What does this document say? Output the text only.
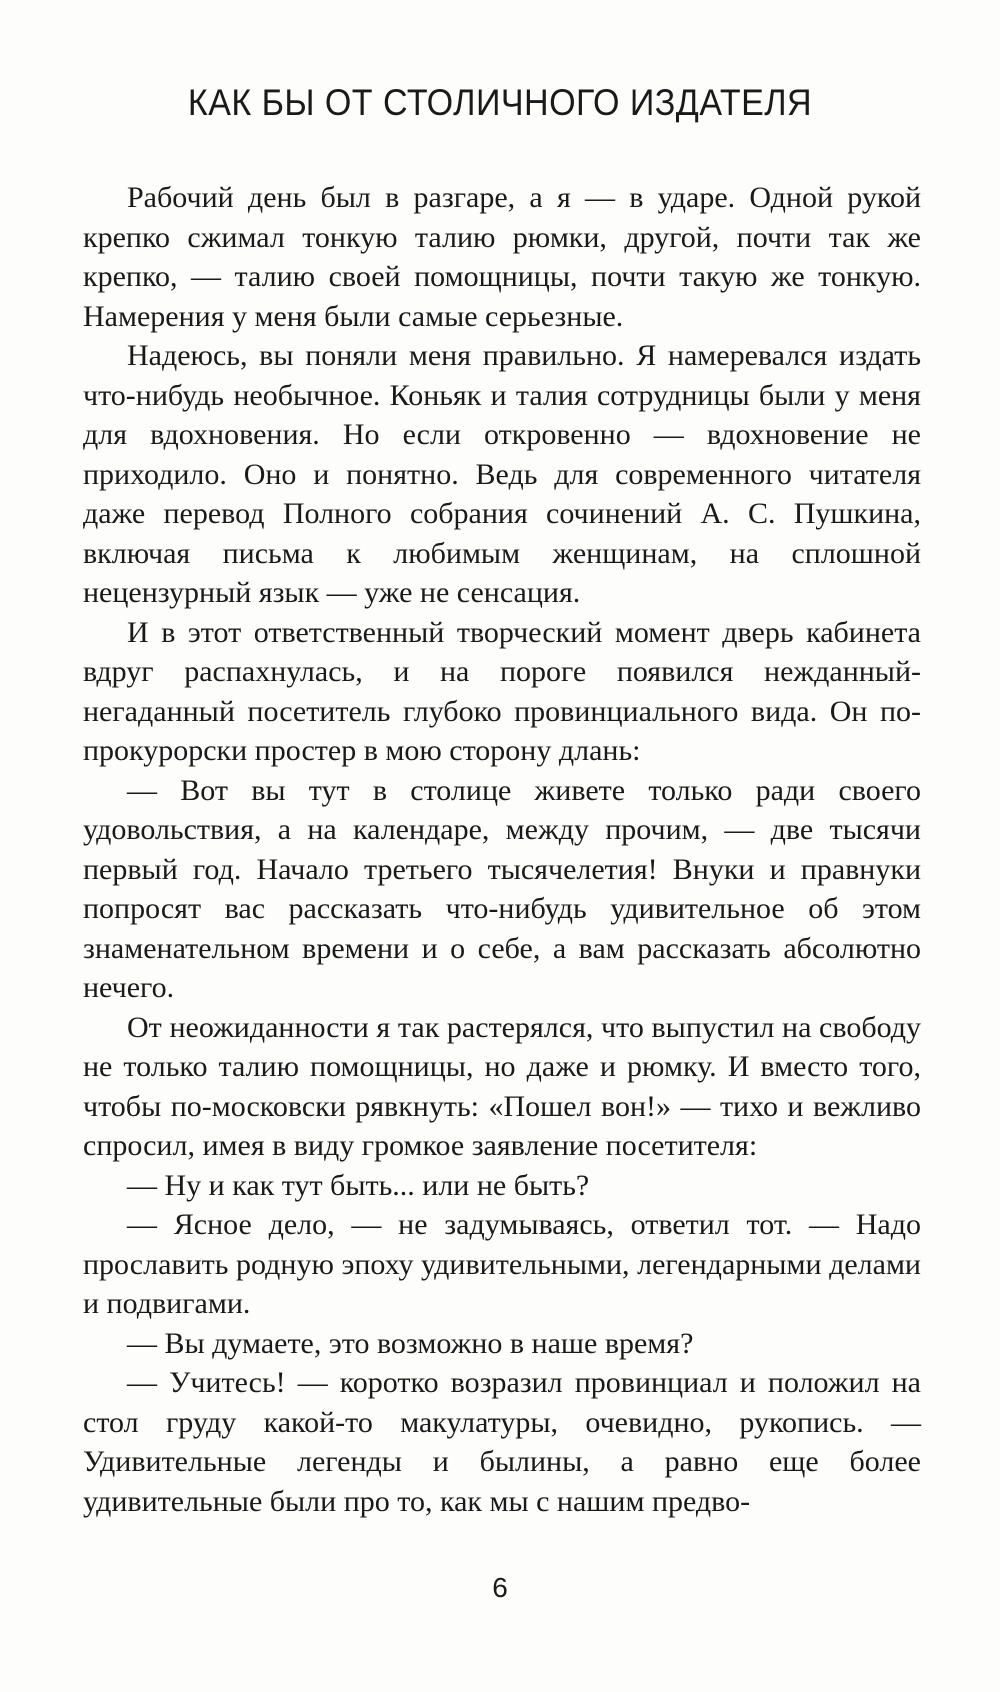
КАК БЫ ОТ СТОЛИЧНОГО ИЗДАТЕЛЯ

Рабочий день был в разгаре, а я — в ударе. Одной рукой крепко сжимал тонкую талию рюмки, другой, почти так же крепко, — талию своей помощницы, почти такую же тонкую. Намерения у меня были самые серьезные.

Надеюсь, вы поняли меня правильно. Я намеревался издать что-нибудь необычное. Коньяк и талия сотрудницы были у меня для вдохновения. Но если откровенно — вдохновение не приходило. Оно и понятно. Ведь для современного читателя даже перевод Полного собрания сочинений А. С. Пушкина, включая письма к любимым женщинам, на сплошной нецензурный язык — уже не сенсация.

И в этот ответственный творческий момент дверь кабинета вдруг распахнулась, и на пороге появился нежданный-негаданный посетитель глубоко провинциального вида. Он по-прокурорски простер в мою сторону длань:

— Вот вы тут в столице живете только ради своего удовольствия, а на календаре, между прочим, — две тысячи первый год. Начало третьего тысячелетия! Внуки и правнуки попросят вас рассказать что-нибудь удивительное об этом знаменательном времени и о себе, а вам рассказать абсолютно нечего.

От неожиданности я так растерялся, что выпустил на свободу не только талию помощницы, но даже и рюмку. И вместо того, чтобы по-московски рявкнуть: «Пошел вон!» — тихо и вежливо спросил, имея в виду громкое заявление посетителя:

— Ну и как тут быть... или не быть?

— Ясное дело, — не задумываясь, ответил тот. — Надо прославить родную эпоху удивительными, легендарными делами и подвигами.

— Вы думаете, это возможно в наше время?

— Учитесь! — коротко возразил провинциал и положил на стол груду какой-то макулатуры, очевидно, рукопись. — Удивительные легенды и былины, а равно еще более удивительные были про то, как мы с нашим предво-

6
